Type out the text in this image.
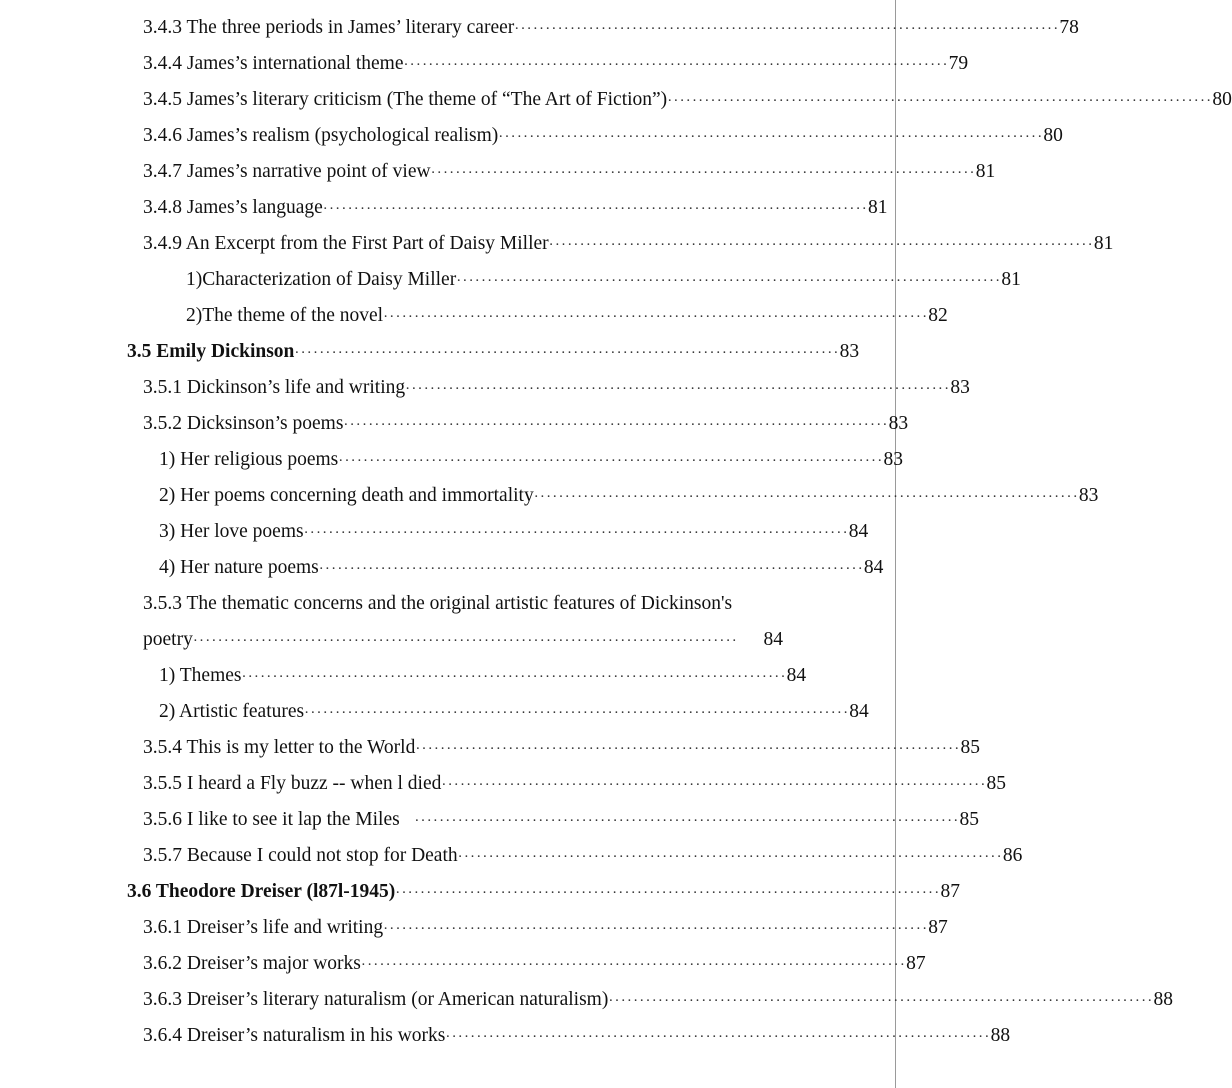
3.4.3 The three periods in James’ literary career ························································································ 78
3.4.4 James’s international theme ························································································ 79
3.4.5 James’s literary criticism (The theme of “The Art of Fiction”) ························································································ 80
3.4.6 James’s realism (psychological realism) ························································································ 80
3.4.7 James’s narrative point of view ························································································ 81
3.4.8 James’s language ························································································ 81
3.4.9 An Excerpt from the First Part of Daisy Miller ························································································ 81
1)Characterization of Daisy Miller ························································································ 81
2)The theme of the novel ························································································ 82
3.5 Emily Dickinson ························································································ 83
3.5.1 Dickinson’s life and writing ························································································ 83
3.5.2 Dicksinson’s poems ························································································ 83
1) Her religious poems ························································································ 83
2) Her poems concerning death and immortality ························································································ 83
3) Her love poems ························································································ 84
4) Her nature poems ························································································ 84
3.5.3 The thematic concerns and the original artistic features of Dickinson's
poetry ························································································	84
1) Themes ························································································ 84
2) Artistic features ························································································ 84
3.5.4 This is my letter to the World ························································································ 85
3.5.5 I heard a Fly buzz -- when l died ························································································ 85
3.5.6 I like to see it lap the Miles ························································································ 85
3.5.7 Because I could not stop for Death ························································································ 86
3.6 Theodore Dreiser (l87l-1945) ························································································ 87
3.6.1 Dreiser’s life and writing ························································································ 87
3.6.2 Dreiser’s major works ························································································ 87
3.6.3 Dreiser’s literary naturalism (or American naturalism) ························································································ 88
3.6.4 Dreiser’s naturalism in his works ························································································ 88
